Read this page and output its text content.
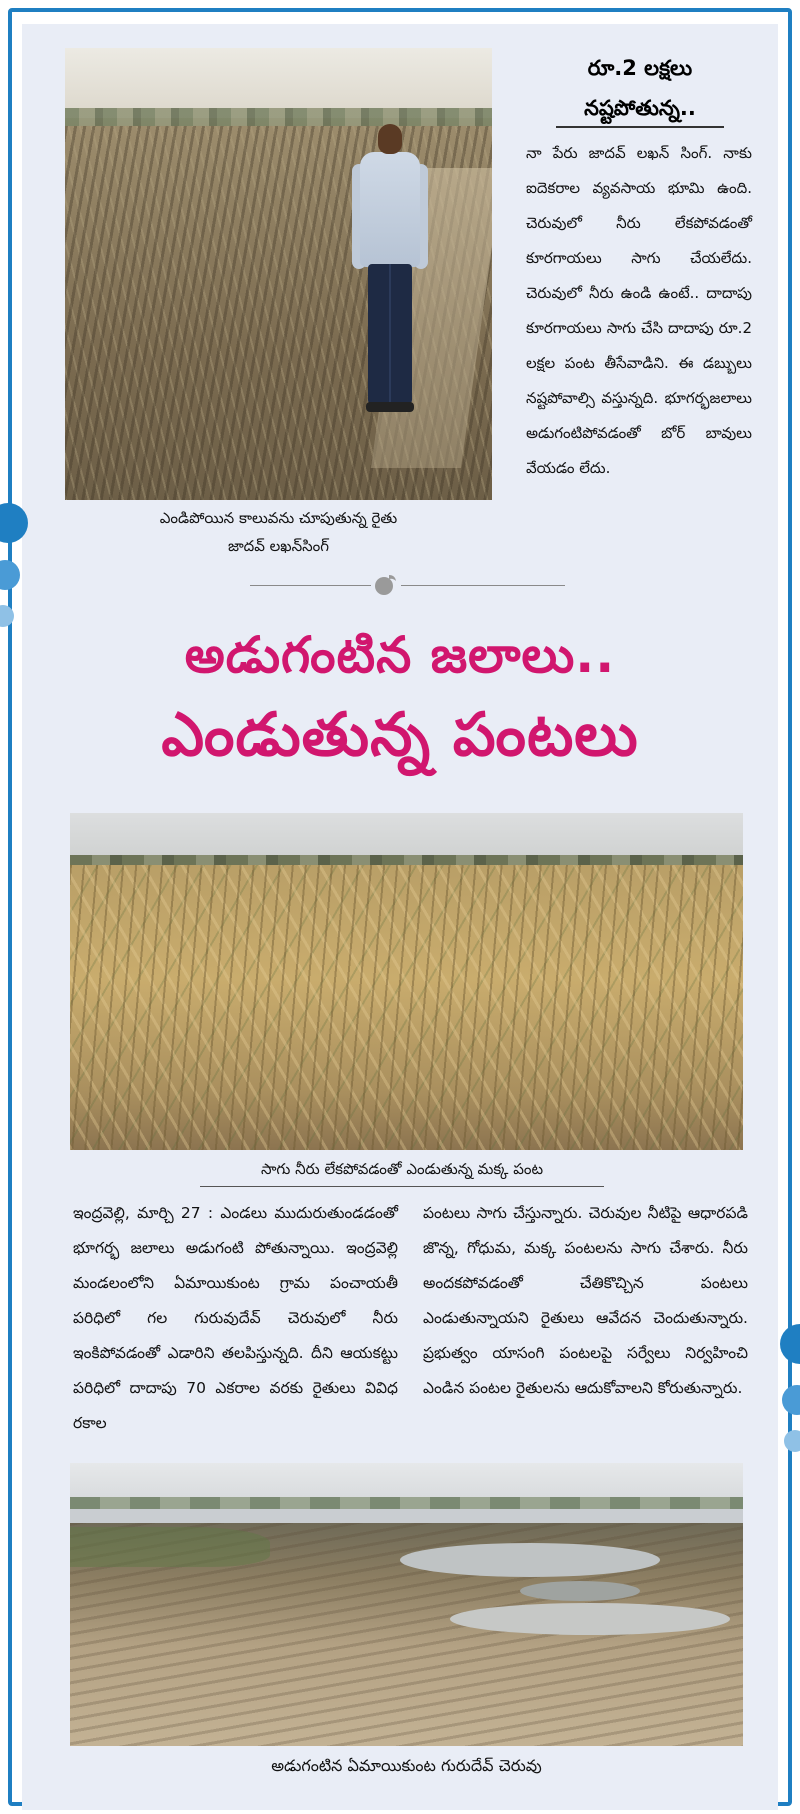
ఎండిపోయిన కాలువను చూపుతున్న రైతు
జాదవ్ లఖన్‌సింగ్
రూ.2 లక్షలు
నష్టపోతున్న..

నా పేరు జాదవ్ లఖన్ సింగ్. నాకు ఐదెకరాల వ్యవసాయ భూమి ఉంది. చెరువులో నీరు లేకపోవడంతో కూరగాయలు సాగు చేయలేదు. చెరువులో నీరు ఉండి ఉంటే.. దాదాపు కూరగాయలు సాగు చేసి దాదాపు రూ.2 లక్షల పంట తీసేవాడిని. ఈ డబ్బులు నష్టపోవాల్సి వస్తున్నది. భూగర్భజలాలు అడుగంటిపోవడంతో బోర్ బావులు వేయడం లేదు.

అడుగంటిన జలాలు..
ఎండుతున్న పంటలు
సాగు నీరు లేకపోవడంతో ఎండుతున్న మక్క పంట

ఇంద్రవెల్లి, మార్చి 27 : ఎండలు ముదురుతుండడంతో భూగర్భ జలాలు అడుగంటి పోతున్నాయి. ఇంద్రవెల్లి మండలంలోని ఏమాయికుంట గ్రామ పంచాయతీ పరిధిలో గల గురువుదేవ్ చెరువులో నీరు ఇంకిపోవడంతో ఎడారిని తలపిస్తున్నది. దీని ఆయకట్టు పరిధిలో దాదాపు 70 ఎకరాల వరకు రైతులు వివిధ రకాల

పంటలు సాగు చేస్తున్నారు. చెరువుల నీటిపై ఆధారపడి జొన్న, గోధుమ, మక్క పంటలను సాగు చేశారు. నీరు అందకపోవడంతో చేతికొచ్చిన పంటలు ఎండుతున్నాయని రైతులు ఆవేదన చెందుతున్నారు. ప్రభుత్వం యాసంగి పంటలపై సర్వేలు నిర్వహించి ఎండిన పంటల రైతులను ఆదుకోవాలని కోరుతున్నారు.

అడుగంటిన ఏమాయికుంట గురుదేవ్ చెరువు
